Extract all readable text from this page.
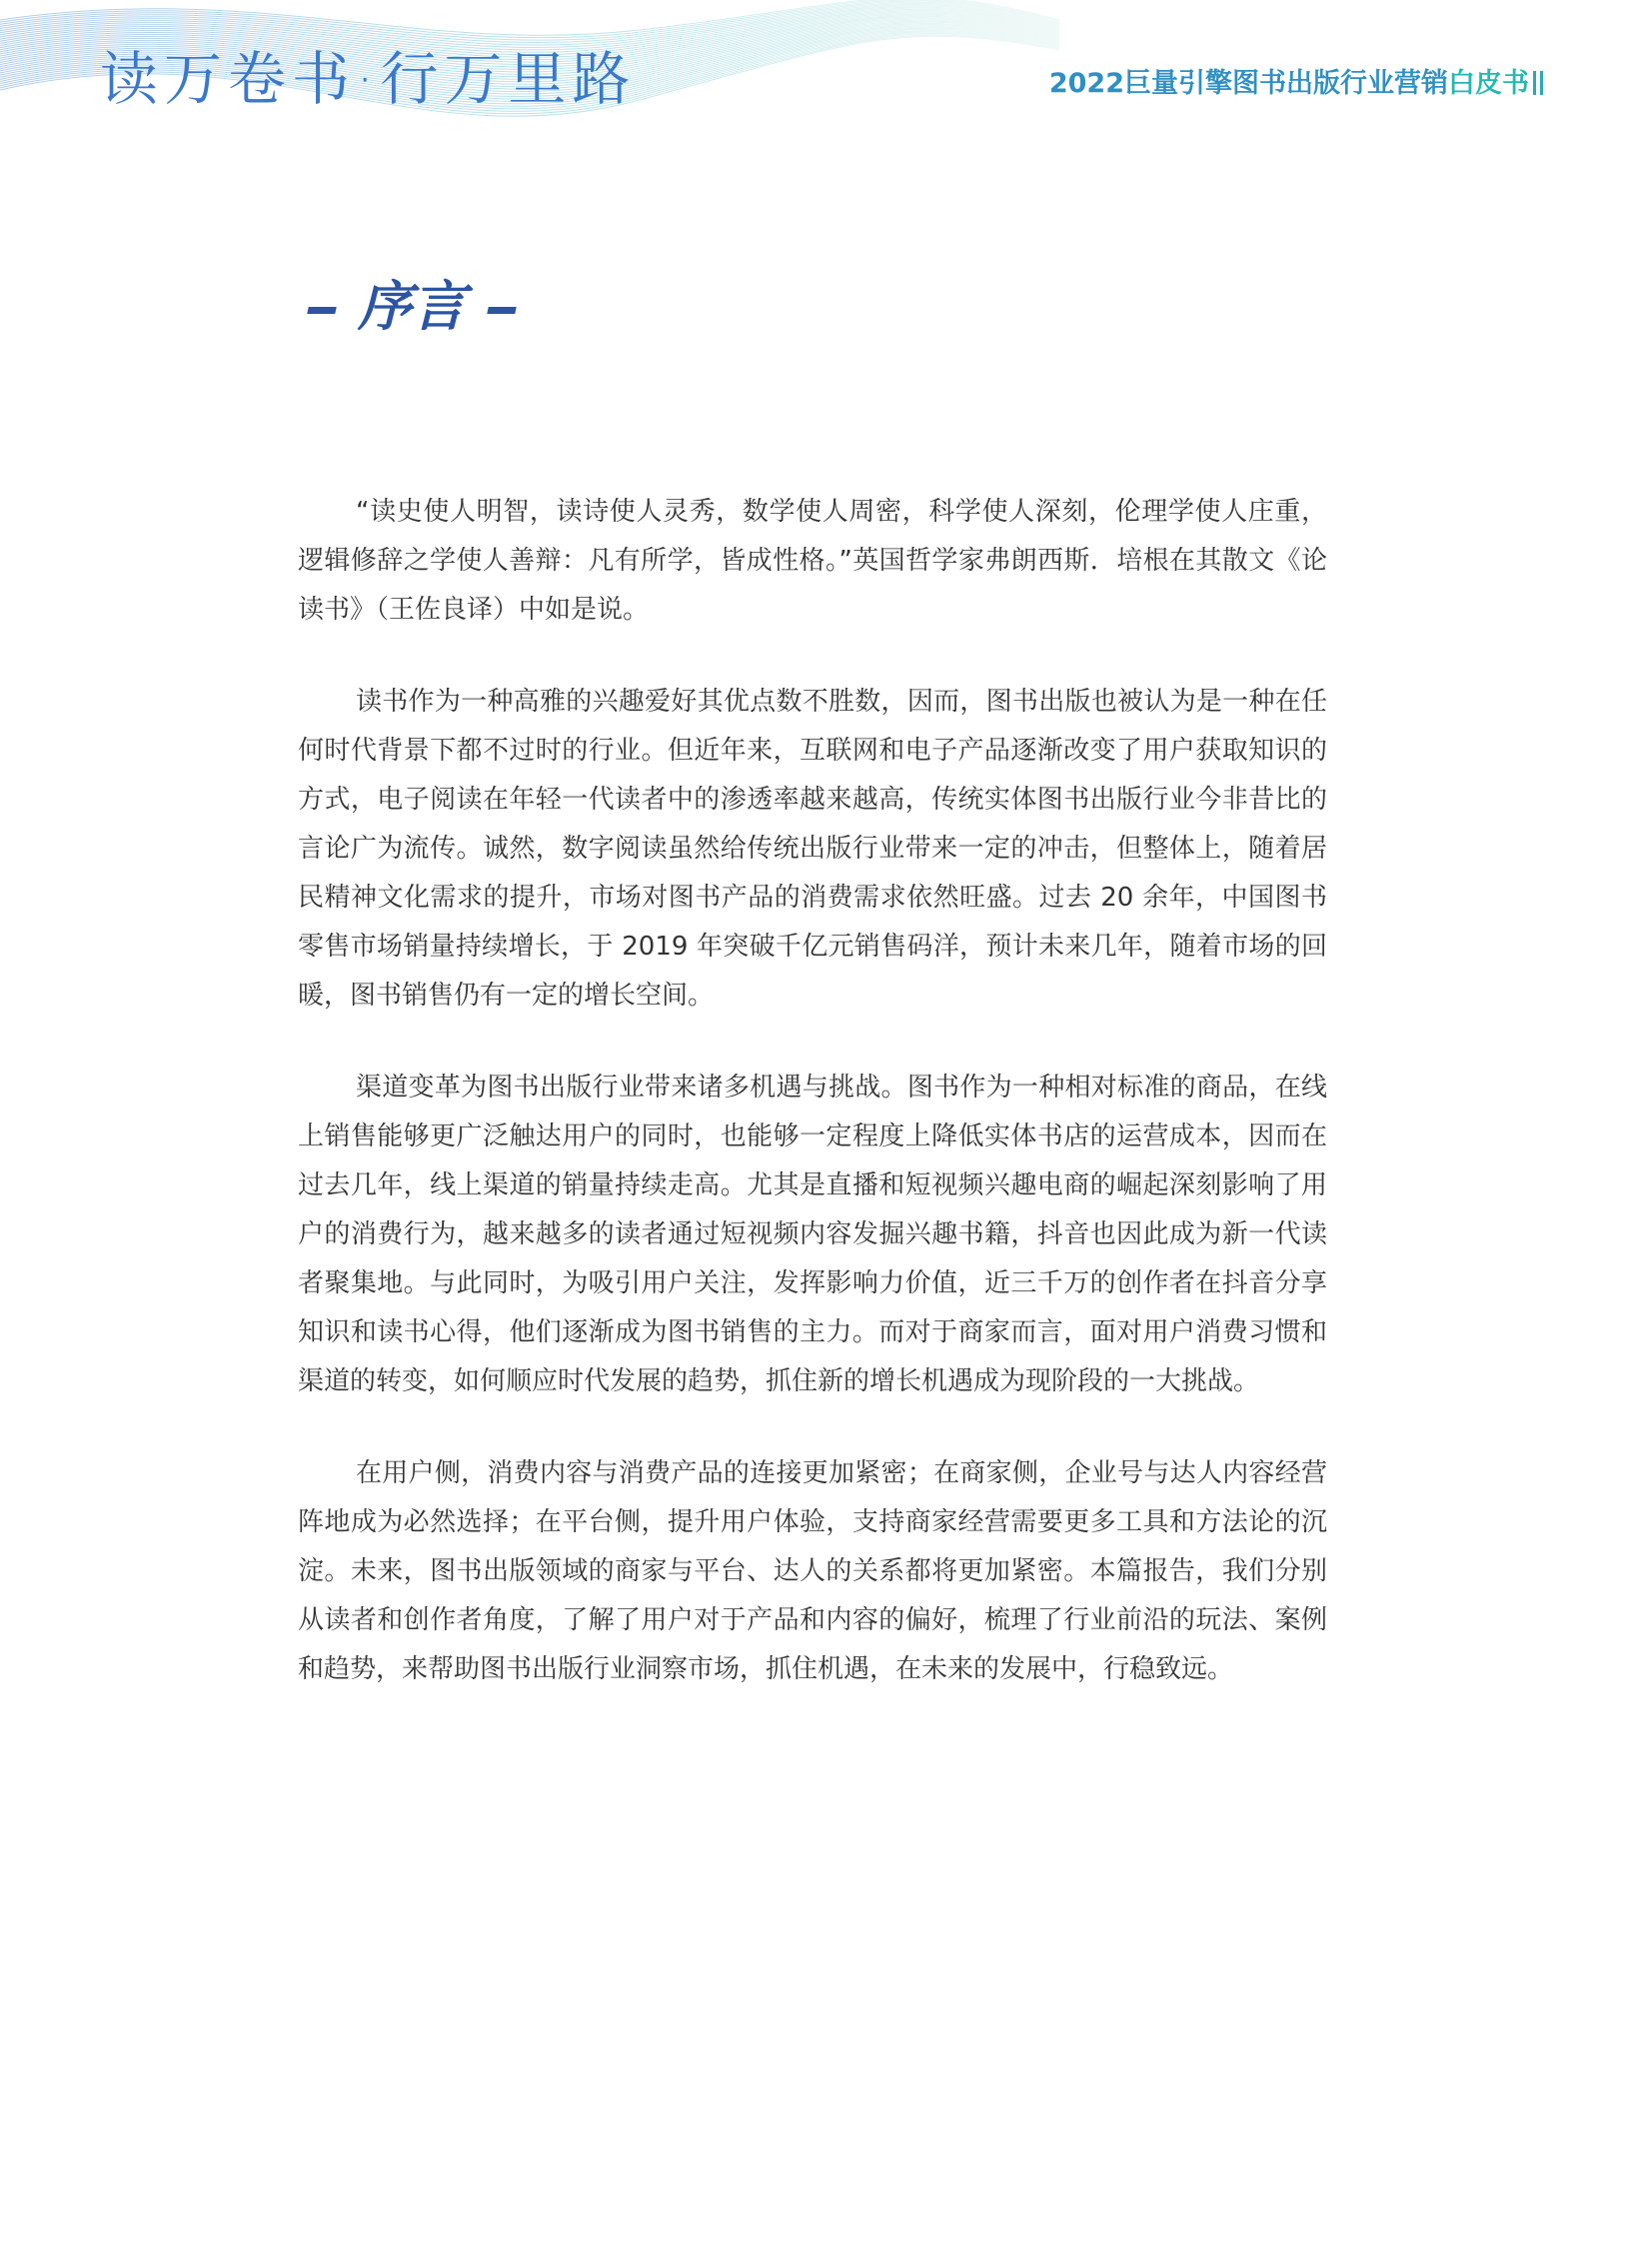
读万卷书·行万里路	2022巨量引擎图书出版行业营销白皮书
序言

“读史使人明智，读诗使人灵秀，数学使人周密，科学使人深刻，伦理学使人庄重，逻辑修辞之学使人善辩：凡有所学，皆成性格。”英国哲学家弗朗西斯．培根在其散文《论读书》（王佐良译）中如是说。

读书作为一种高雅的兴趣爱好其优点数不胜数，因而，图书出版也被认为是一种在任何时代背景下都不过时的行业。但近年来，互联网和电子产品逐渐改变了用户获取知识的方式，电子阅读在年轻一代读者中的渗透率越来越高，传统实体图书出版行业今非昔比的言论广为流传。诚然，数字阅读虽然给传统出版行业带来一定的冲击，但整体上，随着居民精神文化需求的提升，市场对图书产品的消费需求依然旺盛。过去 20 余年，中国图书零售市场销量持续增长，于 2019 年突破千亿元销售码洋，预计未来几年，随着市场的回暖，图书销售仍有一定的增长空间。

渠道变革为图书出版行业带来诸多机遇与挑战。图书作为一种相对标准的商品，在线上销售能够更广泛触达用户的同时，也能够一定程度上降低实体书店的运营成本，因而在过去几年，线上渠道的销量持续走高。尤其是直播和短视频兴趣电商的崛起深刻影响了用户的消费行为，越来越多的读者通过短视频内容发掘兴趣书籍，抖音也因此成为新一代读者聚集地。与此同时，为吸引用户关注，发挥影响力价值，近三千万的创作者在抖音分享知识和读书心得，他们逐渐成为图书销售的主力。而对于商家而言，面对用户消费习惯和渠道的转变，如何顺应时代发展的趋势，抓住新的增长机遇成为现阶段的一大挑战。

在用户侧，消费内容与消费产品的连接更加紧密；在商家侧，企业号与达人内容经营阵地成为必然选择；在平台侧，提升用户体验，支持商家经营需要更多工具和方法论的沉淀。未来，图书出版领域的商家与平台、达人的关系都将更加紧密。本篇报告，我们分别从读者和创作者角度，了解了用户对于产品和内容的偏好，梳理了行业前沿的玩法、案例和趋势，来帮助图书出版行业洞察市场，抓住机遇，在未来的发展中，行稳致远。
